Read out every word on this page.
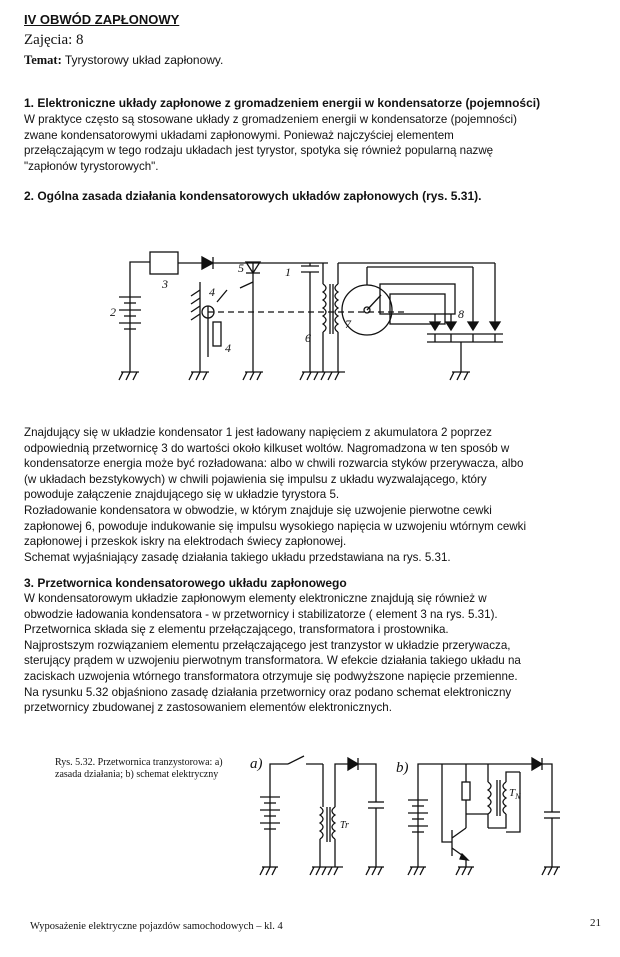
IV OBWÓD ZAPŁONOWY
Zajęcia: 8
Temat: Tyrystorowy układ zapłonowy.
1. Elektroniczne układy zapłonowe z gromadzeniem energii w kondensatorze (pojemności)
W praktyce często są stosowane układy z gromadzeniem energii w kondensatorze (pojemności)
zwane kondensatorowymi układami zapłonowymi. Ponieważ najczyściej elementem
przełączającym w tego rodzaju układach jest tyrystor, spotyka się również popularną nazwę
"zapłonów tyrystorowych".
2. Ogólna zasada działania kondensatorowych układów zapłonowych (rys. 5.31).
3
2
4
4
5	1
6
7
8
Znajdujący się w układzie kondensator 1 jest ładowany napięciem z akumulatora 2 poprzez
odpowiednią przetwornicę 3 do wartości około kilkuset woltów. Nagromadzona w ten sposób w
kondensatorze energia może być rozładowana: albo w chwili rozwarcia styków przerywacza, albo
(w układach bezstykowych) w chwili pojawienia się impulsu z układu wyzwalającego, który
powoduje załączenie znajdującego się w układzie tyrystora 5.
Rozładowanie kondensatora w obwodzie, w którym znajduje się uzwojenie pierwotne cewki
zapłonowej 6, powoduje indukowanie się impulsu wysokiego napięcia w uzwojeniu wtórnym cewki
zapłonowej i przeskok iskry na elektrodach świecy zapłonowej.
Schemat wyjaśniający zasadę działania takiego układu przedstawiana na rys. 5.31.
3. Przetwornica kondensatorowego układu zapłonowego
W kondensatorowym układzie zapłonowym elementy elektroniczne znajdują się również w
obwodzie ładowania kondensatora - w przetwornicy i stabilizatorze ( element 3 na rys. 5.31).
Przetwornica składa się z elementu przełączającego, transformatora i prostownika.
Najprostszym rozwiązaniem elementu przełączającego jest tranzystor w układzie przerywacza,
sterujący prądem w uzwojeniu pierwotnym transformatora. W efekcie działania takiego układu na
zaciskach uzwojenia wtórnego transformatora otrzymuje się podwyższone napięcie przemienne.
Na rysunku 5.32 objaśniono zasadę działania przetwornicy oraz podano schemat elektroniczny
przetwornicy zbudowanej z zastosowaniem elementów elektronicznych.
Rys. 5.32. Przetwornica tranzystorowa: a) zasada działania; b) schemat elektryczny
a)
Tr
b)
$T_N$
Wyposażenie elektryczne pojazdów samochodowych – kl. 4	21
